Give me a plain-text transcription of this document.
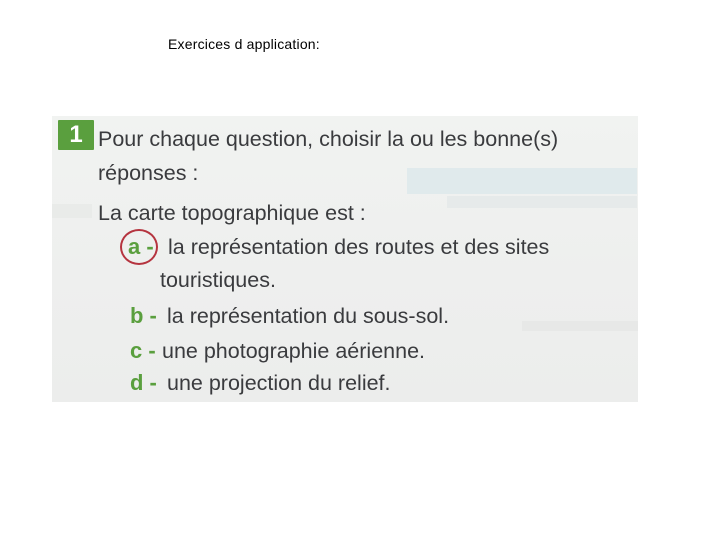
Exercices d application:
1 Pour chaque question, choisir la ou les bonne(s)
réponses :
La carte topographique est :
a - la représentation des routes et des sites
touristiques.
b - la représentation du sous-sol.
c - une photographie aérienne.
d - une projection du relief.
